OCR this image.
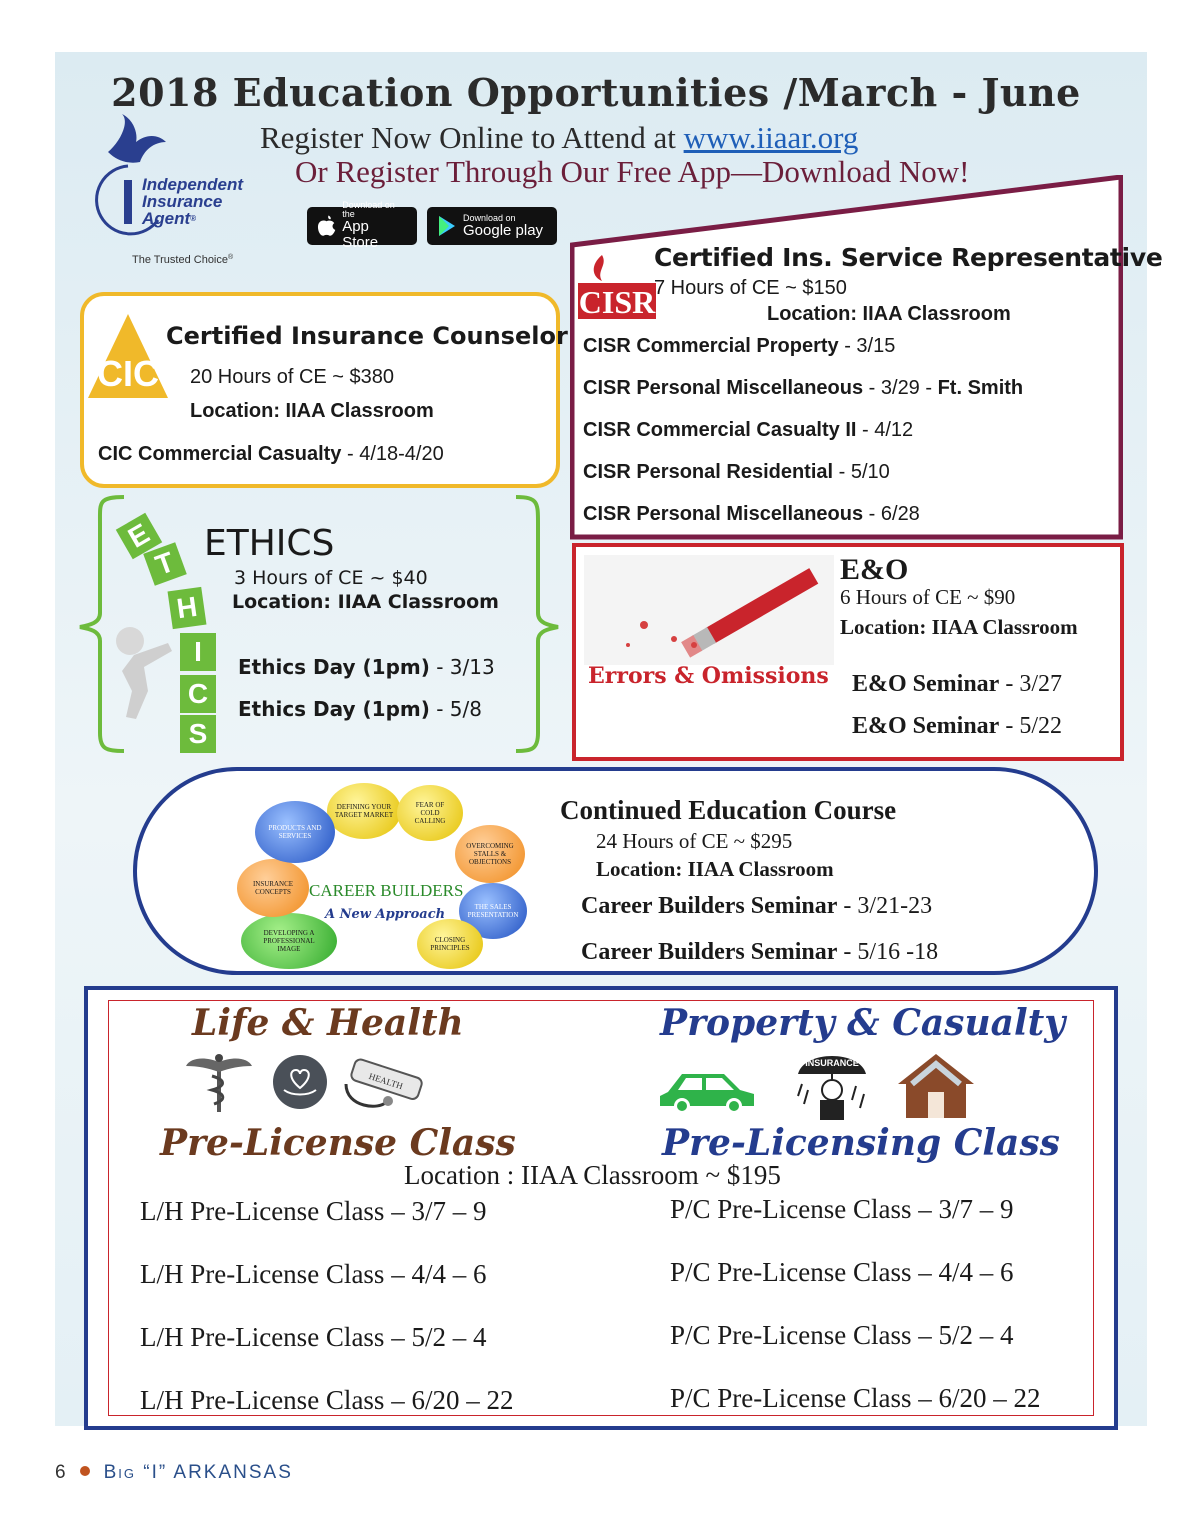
2018 Education Opportunities /March - June
Register Now Online to Attend at www.iiaar.org
Or Register Through Our Free App—Download Now!
Independent
Insurance
Agent®
The Trusted Choice®
Download on the
App Store
Download on
Google play
CIC
Certified Insurance Counselor
20 Hours of CE ~ $380
Location: IIAA Classroom
CIC Commercial Casualty - 4/18-4/20
CISR
Certified Ins. Service Representative
7 Hours of CE ~ $150
Location: IIAA Classroom
CISR Commercial Property - 3/15
CISR Personal Miscellaneous - 3/29 - Ft. Smith
CISR Commercial Casualty II - 4/12
CISR Personal Residential - 5/10
CISR Personal Miscellaneous - 6/28
E
T
H
I
C
S
ETHICS
3 Hours of CE ~ $40
Location: IIAA Classroom
Ethics Day (1pm) - 3/13
Ethics Day (1pm) - 5/8
Errors & Omissions
E&O
6 Hours of CE ~ $90
Location: IIAA Classroom
E&O Seminar - 3/27
E&O Seminar - 5/22
DEFINING YOUR TARGET MARKET
FEAR OF COLD CALLING
OVERCOMING STALLS & OBJECTIONS
THE SALES PRESENTATION
CLOSING PRINCIPLES
DEVELOPING A PROFESSIONAL IMAGE
INSURANCE CONCEPTS
PRODUCTS AND SERVICES
CAREER BUILDERS
A New Approach
Continued Education Course
24 Hours of CE ~ $295
Location: IIAA Classroom
Career Builders Seminar - 3/21-23
Career Builders Seminar - 5/16 -18
Life & Health	Property & Casualty
HEALTH
INSURANCE
Pre-License Class	Pre-Licensing Class
Location : IIAA Classroom ~ $195
L/H Pre-License Class – 3/7 – 9
L/H Pre-License Class – 4/4 – 6
L/H Pre-License Class – 5/2 – 4
L/H Pre-License Class – 6/20 – 22
P/C Pre-License Class – 3/7 – 9
P/C Pre-License Class – 4/4 – 6
P/C Pre-License Class – 5/2 – 4
P/C Pre-License Class – 6/20 – 22
6 Big “I” ARKANSAS
